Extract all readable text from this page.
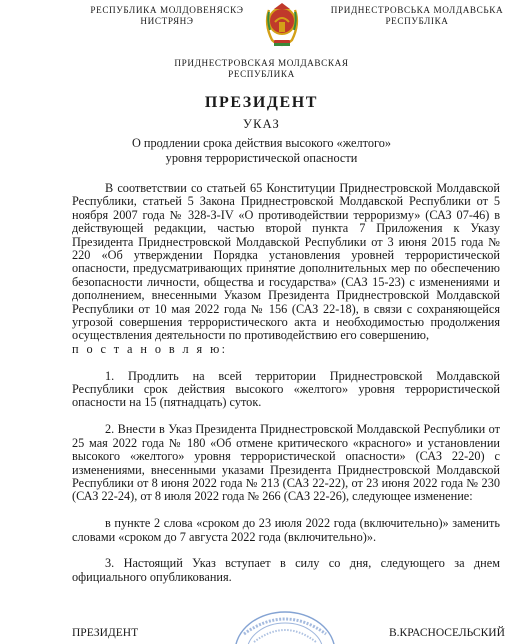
РЕСПУБЛИКА МОЛДОВЕНЯСКЭ
НИСТРЯНЭ
ПРИДНЕСТРОВСЬКА МОЛДАВСЬКА
РЕСПУБЛІКА
ПРИДНЕСТРОВСКАЯ МОЛДАВСКАЯ
РЕСПУБЛИКА
ПРЕЗИДЕНТ
УКАЗ
О продлении срока действия высокого «желтого» уровня террористической опасности

В соответствии со статьей 65 Конституции Приднестровской Молдавской Республики, статьей 5 Закона Приднестровской Молдавской Республики от 5 ноября 2007 года № 328-З-IV «О противодействии терроризму» (САЗ 07-46) в действующей редакции, частью второй пункта 7 Приложения к Указу Президента Приднестровской Молдавской Республики от 3 июня 2015 года № 220 «Об утверждении Порядка установления уровней террористической опасности, предусматривающих принятие дополнительных мер по обеспечению безопасности личности, общества и государства» (САЗ 15-23) с изменениями и дополнением, внесенными Указом Президента Приднестровской Молдавской Республики от 10 мая 2022 года № 156 (САЗ 22-18), в связи с сохраняющейся угрозой совершения террористического акта и необходимостью продолжения осуществления деятельности по противодействию его совершению,

п о с т а н о в л я ю:

1. Продлить на всей территории Приднестровской Молдавской Республики срок действия высокого «желтого» уровня террористической опасности на 15 (пятнадцать) суток.

2. Внести в Указ Президента Приднестровской Молдавской Республики от 25 мая 2022 года № 180 «Об отмене критического «красного» и установлении высокого «желтого» уровня террористической опасности» (САЗ 22-20) с изменениями, внесенными указами Президента Приднестровской Молдавской Республики от 8 июня 2022 года № 213 (САЗ 22-22), от 23 июня 2022 года № 230 (САЗ 22-24), от 8 июля 2022 года № 266 (САЗ 22-26), следующее изменение:

в пункте 2 слова «сроком до 23 июля 2022 года (включительно)» заменить словами «сроком до 7 августа 2022 года (включительно)».

3. Настоящий Указ вступает в силу со дня, следующего за днем официального опубликования.

ПРЕЗИДЕНТ	В.КРАСНОСЕЛЬСКИЙ
